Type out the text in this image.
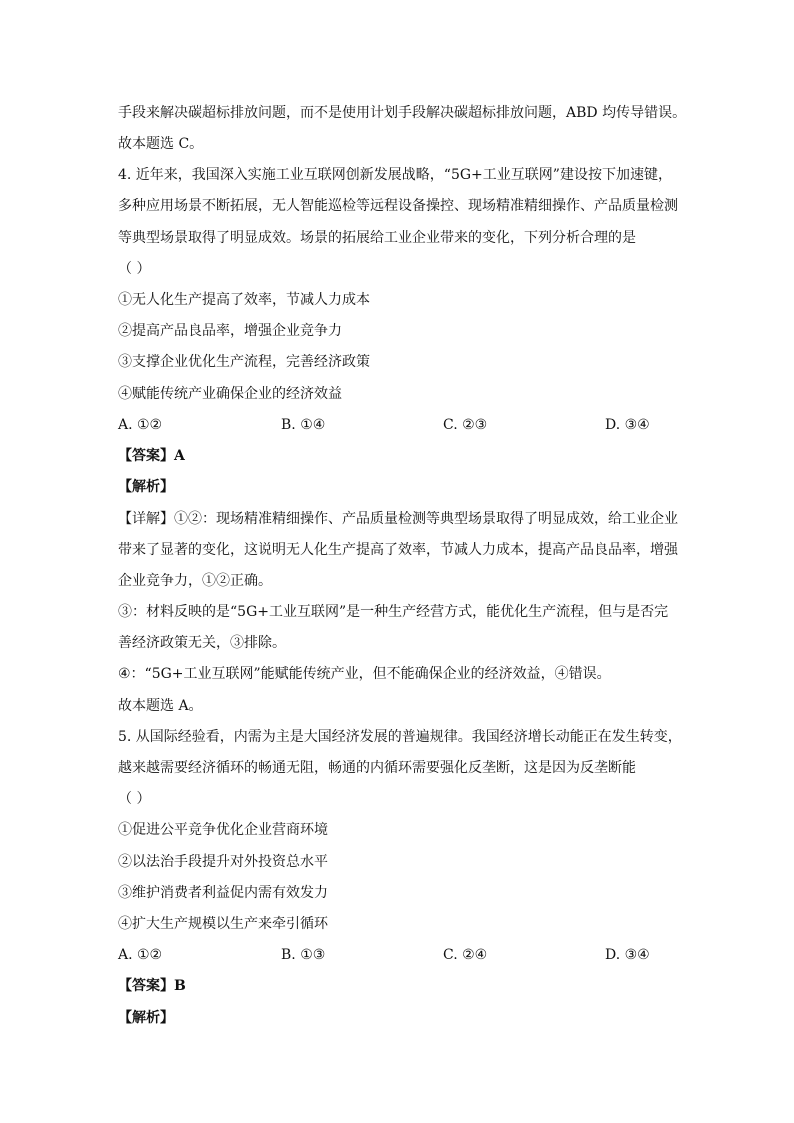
手段来解决碳超标排放问题，而不是使用计划手段解决碳超标排放问题，ABD 均传导错误。
故本题选 C。
4. 近年来，我国深入实施工业互联网创新发展战略，“5G+工业互联网”建设按下加速键，
多种应用场景不断拓展，无人智能巡检等远程设备操控、现场精准精细操作、产品质量检测
等典型场景取得了明显成效。场景的拓展给工业企业带来的变化，下列分析合理的是
（ ）
①无人化生产提高了效率，节减人力成本
②提高产品良品率，增强企业竞争力
③支撑企业优化生产流程，完善经济政策
④赋能传统产业确保企业的经济效益
A. ①②	B. ①④	C. ②③	D. ③④
【答案】A
【解析】
【详解】①②：现场精准精细操作、产品质量检测等典型场景取得了明显成效，给工业企业
带来了显著的变化，这说明无人化生产提高了效率，节减人力成本，提高产品良品率，增强
企业竞争力，①②正确。
③：材料反映的是“5G+工业互联网”是一种生产经营方式，能优化生产流程，但与是否完
善经济政策无关，③排除。
④：“5G+工业互联网”能赋能传统产业，但不能确保企业的经济效益，④错误。
故本题选 A。
5. 从国际经验看，内需为主是大国经济发展的普遍规律。我国经济增长动能正在发生转变，
越来越需要经济循环的畅通无阻，畅通的内循环需要强化反垄断，这是因为反垄断能
（ ）
①促进公平竞争优化企业营商环境
②以法治手段提升对外投资总水平
③维护消费者利益促内需有效发力
④扩大生产规模以生产来牵引循环
A. ①②	B. ①③	C. ②④	D. ③④
【答案】B
【解析】
